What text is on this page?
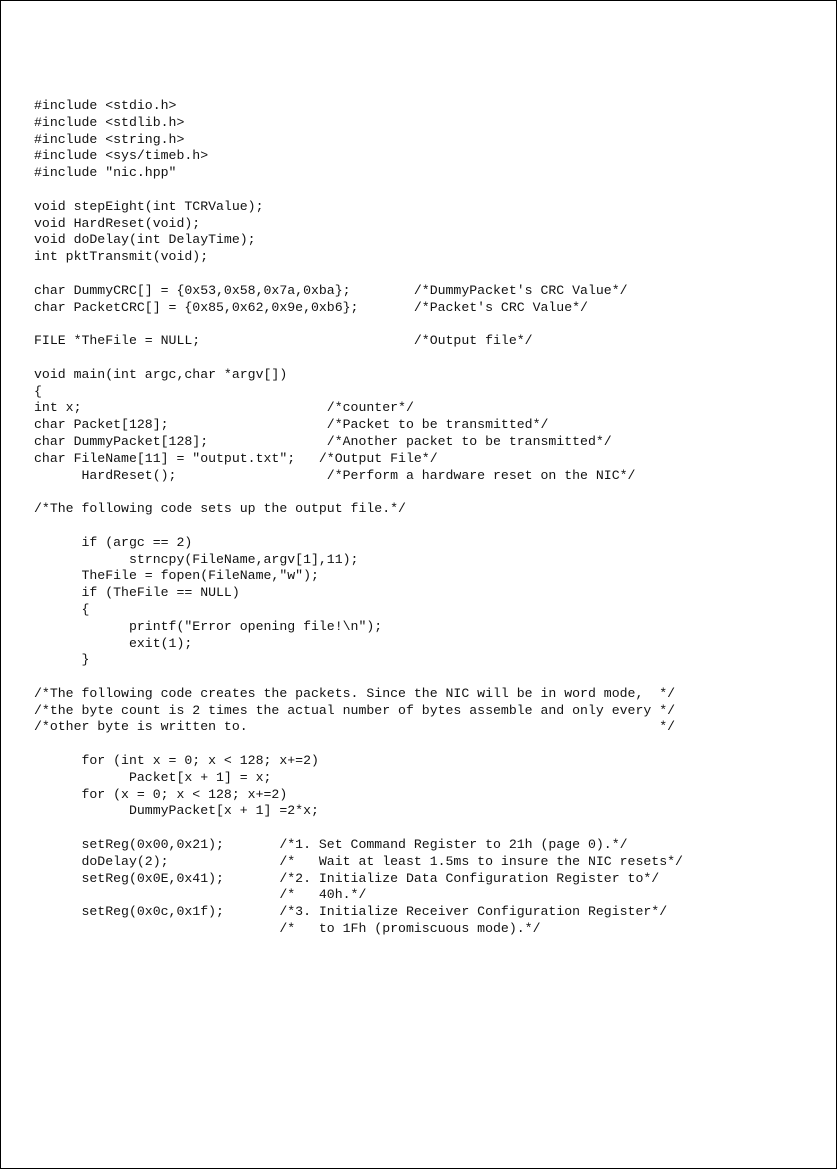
#include <stdio.h>
#include <stdlib.h>
#include <string.h>
#include <sys/timeb.h>
#include "nic.hpp"

void stepEight(int TCRValue);
void HardReset(void);
void doDelay(int DelayTime);
int pktTransmit(void);

char DummyCRC[] = {0x53,0x58,0x7a,0xba};        /*DummyPacket's CRC Value*/
char PacketCRC[] = {0x85,0x62,0x9e,0xb6};       /*Packet's CRC Value*/

FILE *TheFile = NULL;                           /*Output file*/

void main(int argc,char *argv[])
{
int x;                               /*counter*/
char Packet[128];                    /*Packet to be transmitted*/
char DummyPacket[128];               /*Another packet to be transmitted*/
char FileName[11] = "output.txt";   /*Output File*/
HardReset();                   /*Perform a hardware reset on the NIC*/

/*The following code sets up the output file.*/

if (argc == 2)
strncpy(FileName,argv[1],11);
TheFile = fopen(FileName,"w");
if (TheFile == NULL)
{
printf("Error opening file!\n");
exit(1);
}

/*The following code creates the packets. Since the NIC will be in word mode,  */
/*the byte count is 2 times the actual number of bytes assemble and only every */
/*other byte is written to.                                                    */

for (int x = 0; x < 128; x+=2)
Packet[x + 1] = x;
for (x = 0; x < 128; x+=2)
DummyPacket[x + 1] =2*x;

setReg(0x00,0x21);       /*1. Set Command Register to 21h (page 0).*/
doDelay(2);              /*   Wait at least 1.5ms to insure the NIC resets*/
setReg(0x0E,0x41);       /*2. Initialize Data Configuration Register to*/
/*   40h.*/
setReg(0x0c,0x1f);       /*3. Initialize Receiver Configuration Register*/
/*   to 1Fh (promiscuous mode).*/
